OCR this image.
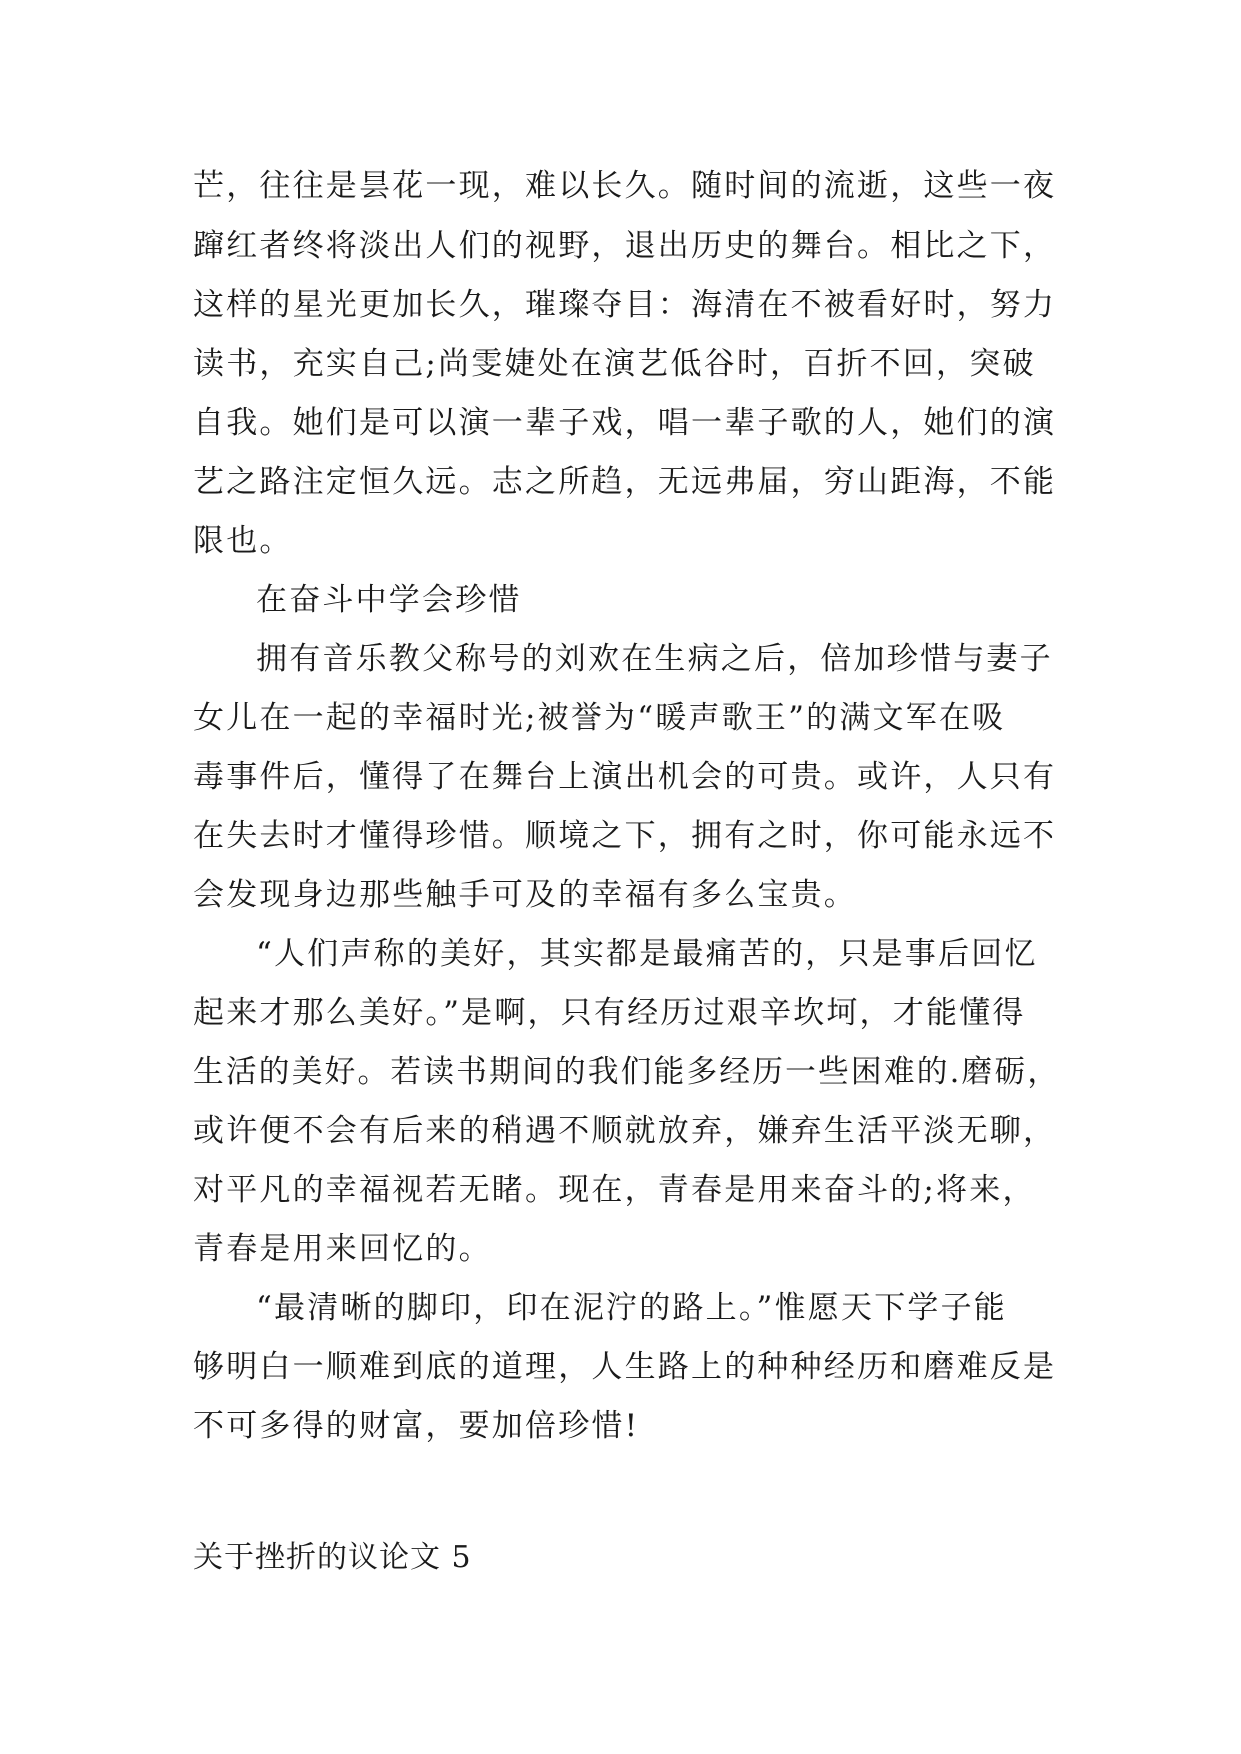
芒，往往是昙花一现，难以长久。随时间的流逝，这些一夜
蹿红者终将淡出人们的视野，退出历史的舞台。相比之下，
这样的星光更加长久，璀璨夺目：海清在不被看好时，努力
读书，充实自己;尚雯婕处在演艺低谷时，百折不回，突破
自我。她们是可以演一辈子戏，唱一辈子歌的人，她们的演
艺之路注定恒久远。志之所趋，无远弗届，穷山距海，不能
限也。
在奋斗中学会珍惜
拥有音乐教父称号的刘欢在生病之后，倍加珍惜与妻子
女儿在一起的幸福时光;被誉为“暖声歌王”的满文军在吸
毒事件后，懂得了在舞台上演出机会的可贵。或许，人只有
在失去时才懂得珍惜。顺境之下，拥有之时，你可能永远不
会发现身边那些触手可及的幸福有多么宝贵。
“人们声称的美好，其实都是最痛苦的，只是事后回忆
起来才那么美好。”是啊，只有经历过艰辛坎坷，才能懂得
生活的美好。若读书期间的我们能多经历一些困难的.磨砺，
或许便不会有后来的稍遇不顺就放弃，嫌弃生活平淡无聊，
对平凡的幸福视若无睹。现在，青春是用来奋斗的;将来，
青春是用来回忆的。
“最清晰的脚印，印在泥泞的路上。”惟愿天下学子能
够明白一顺难到底的道理，人生路上的种种经历和磨难反是
不可多得的财富，要加倍珍惜!
关于挫折的议论文 5
